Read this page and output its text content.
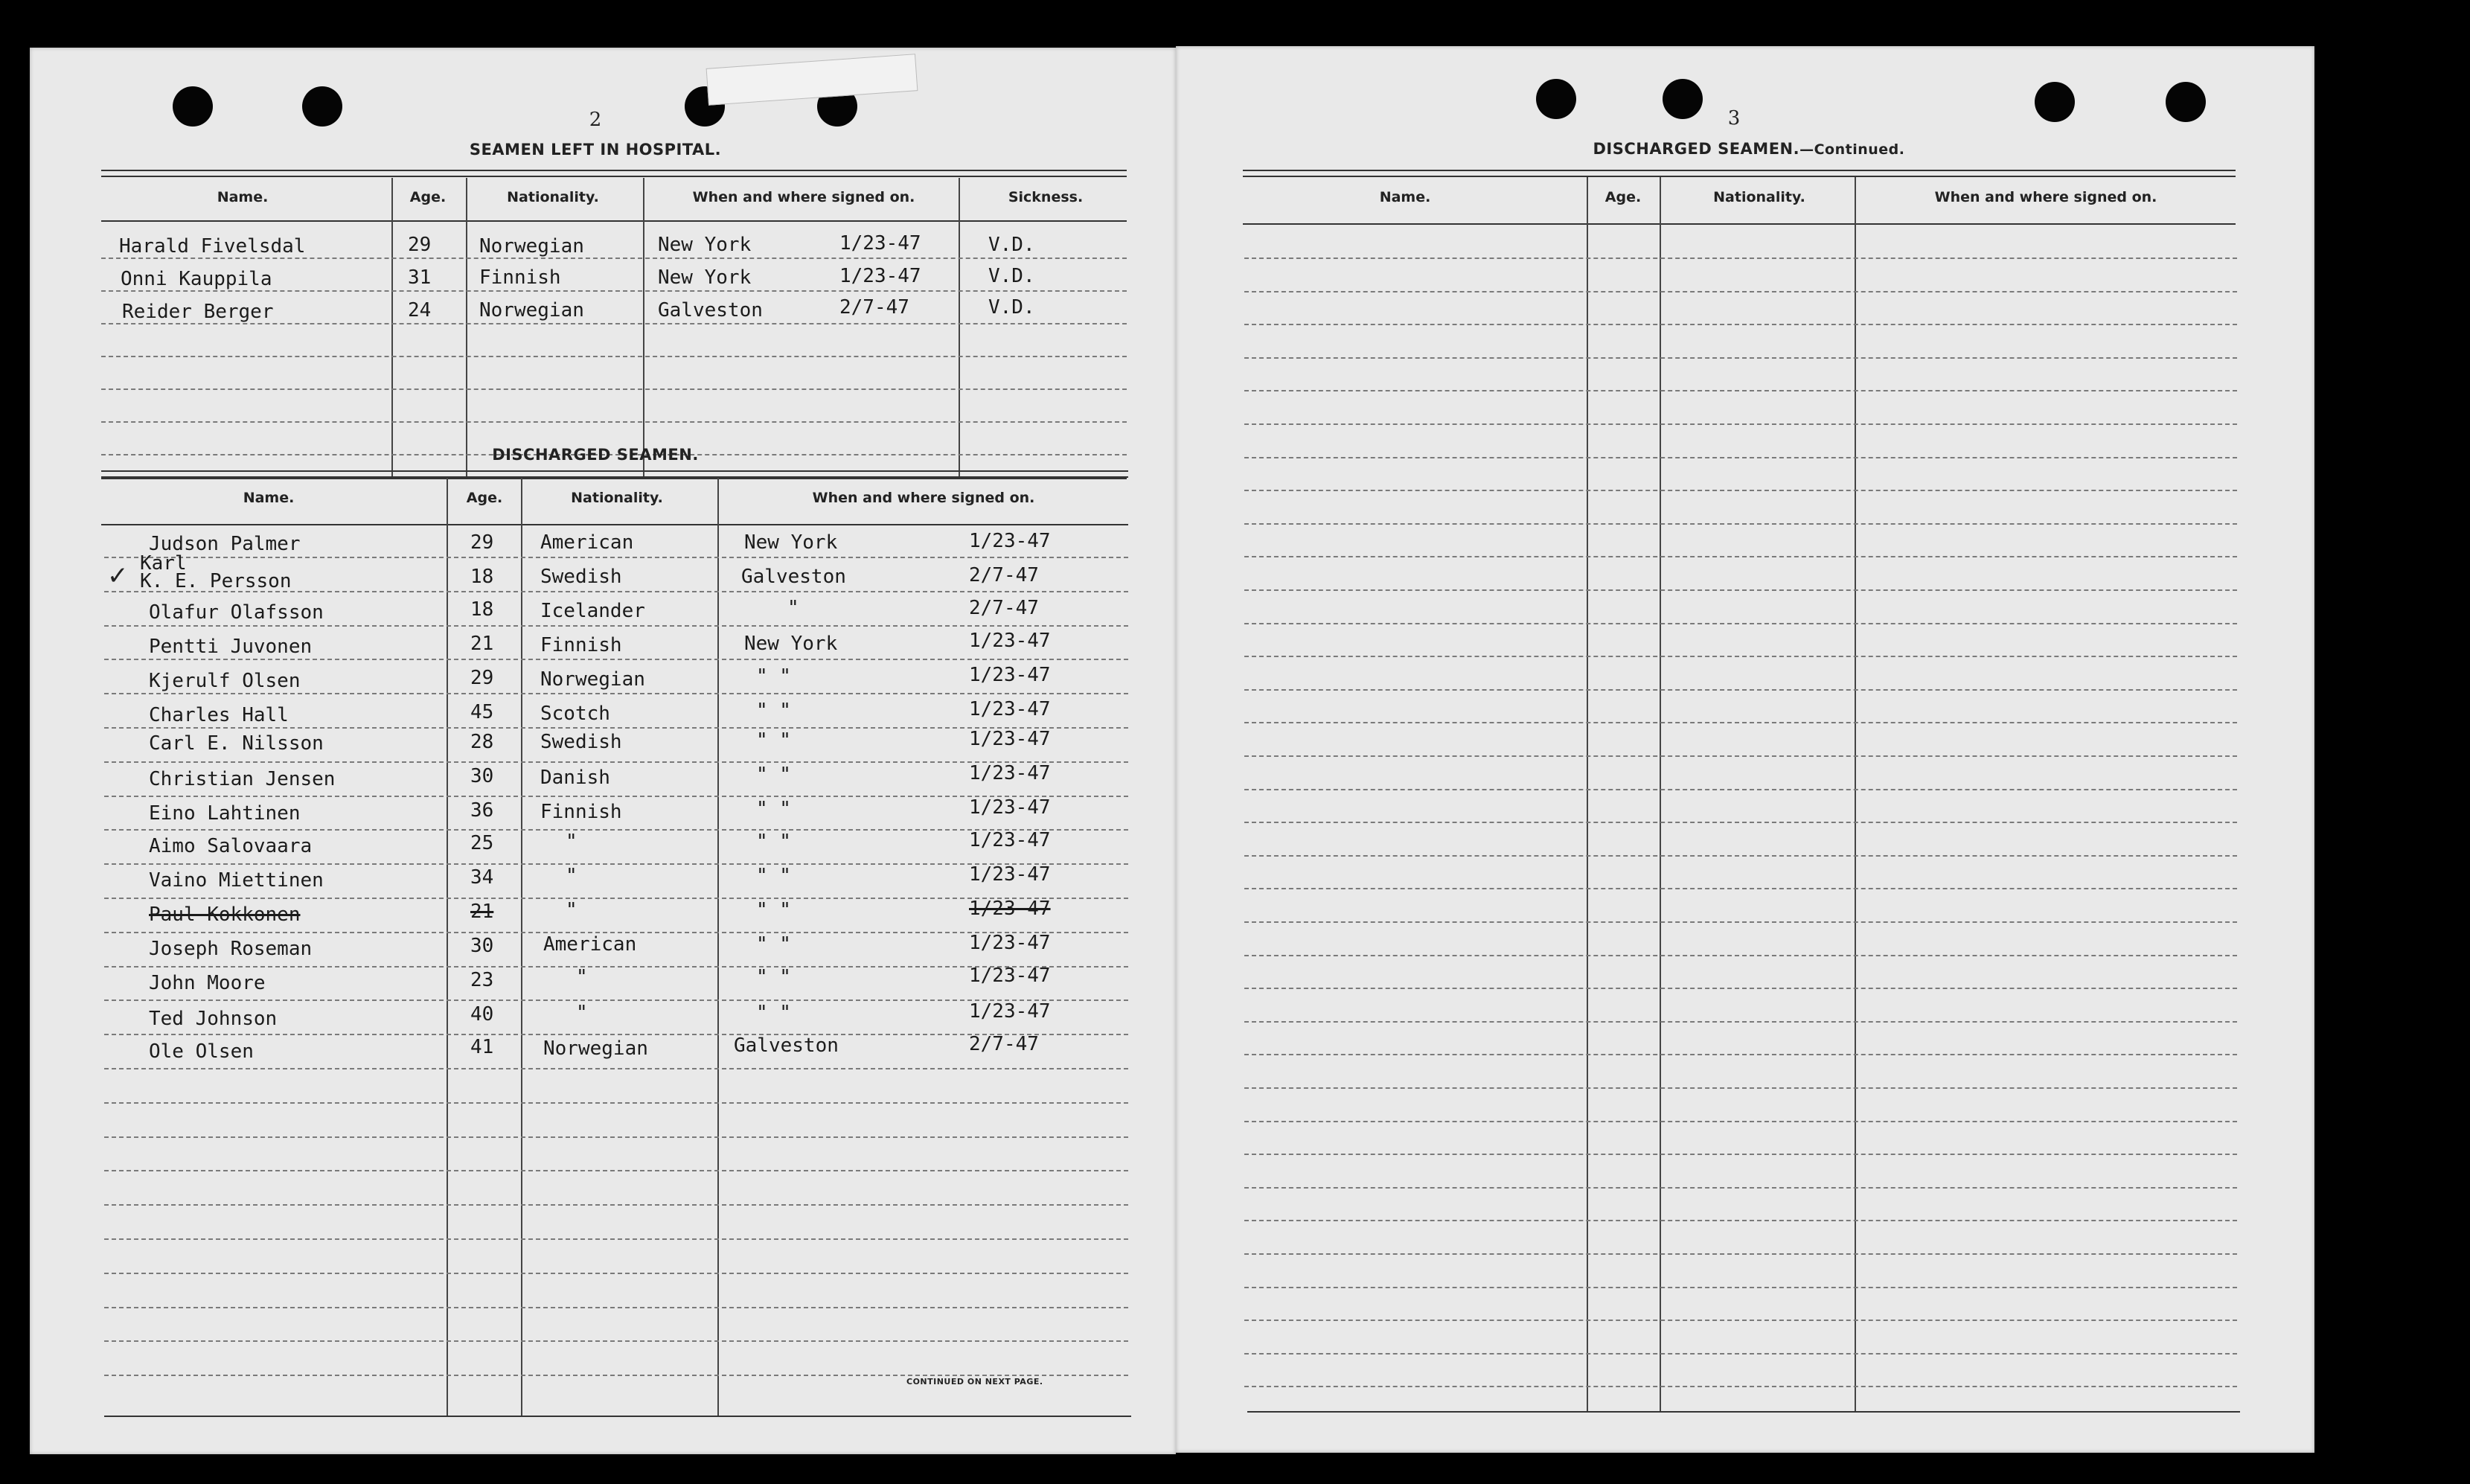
2
SEAMEN LEFT IN HOSPITAL.
Name.	Age.	Nationality.	When and where signed on.	Sickness.
Harald Fivelsdal	29 Norwegian	New York	1/23-47	V.D.
Onni Kauppila	31 Finnish	New York	1/23-47	V.D.
Reider Berger	24 Norwegian	Galveston	2/7-47	V.D.
DISCHARGED SEAMEN.
Name.	Age.	Nationality.	When and where signed on.
Judson Palmer	29 American	New York	1/23-47
✓ Karl
K. E. Persson	18 Swedish	Galveston	2/7-47
Olafur Olafsson	18 Icelander	"	2/7-47
Pentti Juvonen	21 Finnish	New York	1/23-47
Kjerulf Olsen	29 Norwegian	" "	1/23-47
Charles Hall	45 Scotch	" "	1/23-47
Carl E. Nilsson	28 Swedish	" "	1/23-47
Christian Jensen	30 Danish	" "	1/23-47
Eino Lahtinen	36 Finnish	" "	1/23-47
Aimo Salovaara	25	"	" "	1/23-47
Vaino Miettinen	34	"	" "	1/23-47
Paul Kokkonen	21	"	" "	1/23-47
Joseph Roseman	30	American	" "	1/23-47
John Moore	23	"	" "	1/23-47
Ted Johnson	40	"	" "	1/23-47
Ole Olsen	41	Norwegian	Galveston	2/7-47
CONTINUED ON NEXT PAGE.
3
DISCHARGED SEAMEN.—Continued.
Name.	Age.	Nationality.	When and where signed on.
